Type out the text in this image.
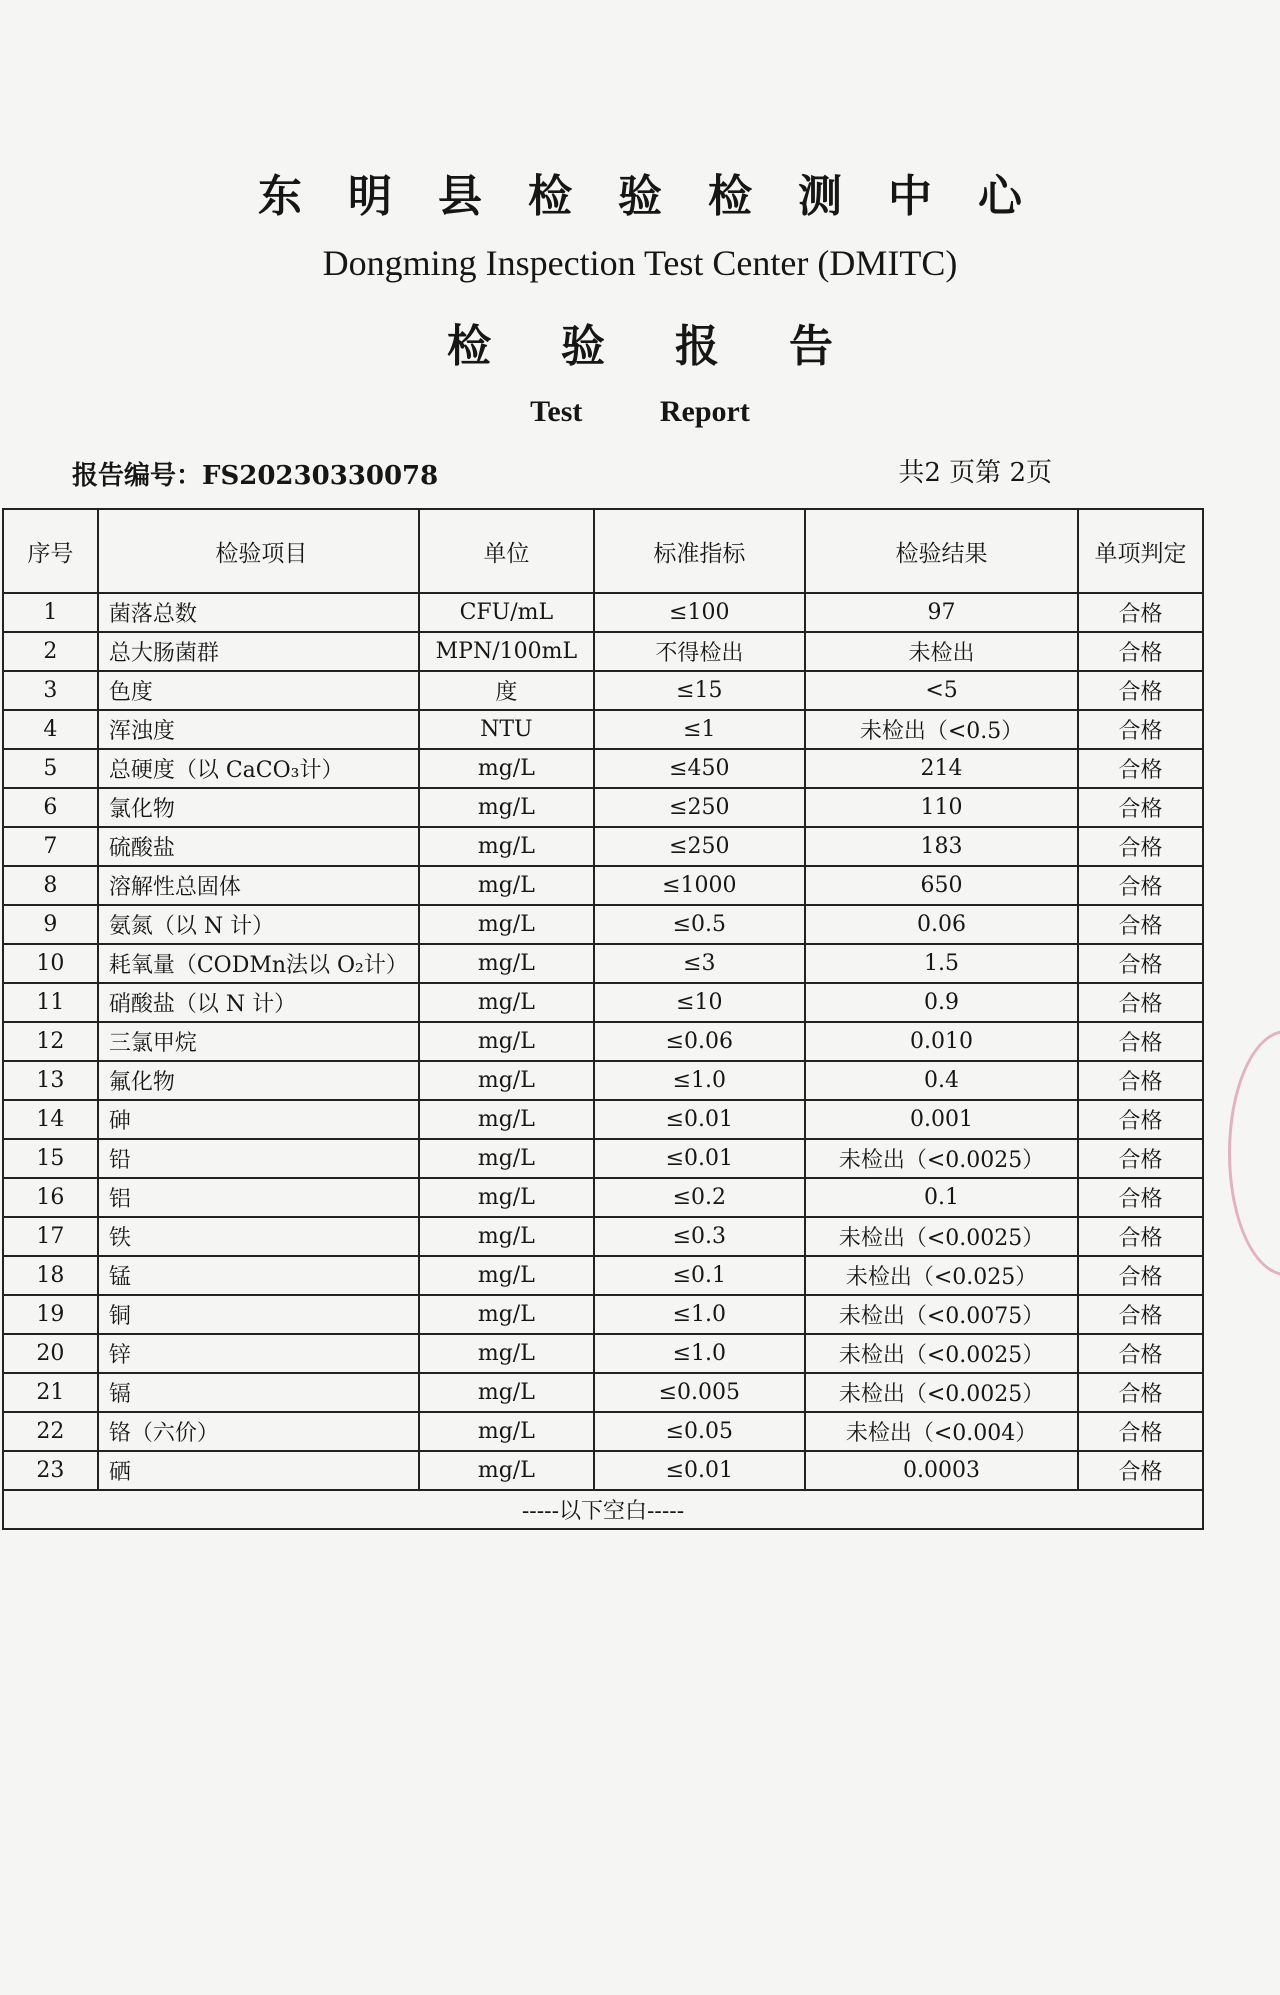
东明县检验检测中心
Dongming Inspection Test Center (DMITC)
检验报告
Test Report
报告编号：FS20230330078	共2 页第 2页
序号	检验项目	单位	标准指标	检验结果	单项判定
1	菌落总数	CFU/mL	≤100	97	合格
2	总大肠菌群	MPN/100mL	不得检出	未检出	合格
3	色度	度	≤15	<5	合格
4	浑浊度	NTU	≤1	未检出（<0.5）	合格
5	总硬度（以 CaCO₃计）	mg/L	≤450	214	合格
6	氯化物	mg/L	≤250	110	合格
7	硫酸盐	mg/L	≤250	183	合格
8	溶解性总固体	mg/L	≤1000	650	合格
9	氨氮（以 N 计）	mg/L	≤0.5	0.06	合格
10	耗氧量（CODMn法以 O₂计）	mg/L	≤3	1.5	合格
11	硝酸盐（以 N 计）	mg/L	≤10	0.9	合格
12	三氯甲烷	mg/L	≤0.06	0.010	合格
13	氟化物	mg/L	≤1.0	0.4	合格
14	砷	mg/L	≤0.01	0.001	合格
15	铅	mg/L	≤0.01	未检出（<0.0025）	合格
16	铝	mg/L	≤0.2	0.1	合格
17	铁	mg/L	≤0.3	未检出（<0.0025）	合格
18	锰	mg/L	≤0.1	未检出（<0.025）	合格
19	铜	mg/L	≤1.0	未检出（<0.0075）	合格
20	锌	mg/L	≤1.0	未检出（<0.0025）	合格
21	镉	mg/L	≤0.005	未检出（<0.0025）	合格
22	铬（六价）	mg/L	≤0.05	未检出（<0.004）	合格
23	硒	mg/L	≤0.01	0.0003	合格
-----以下空白-----					
